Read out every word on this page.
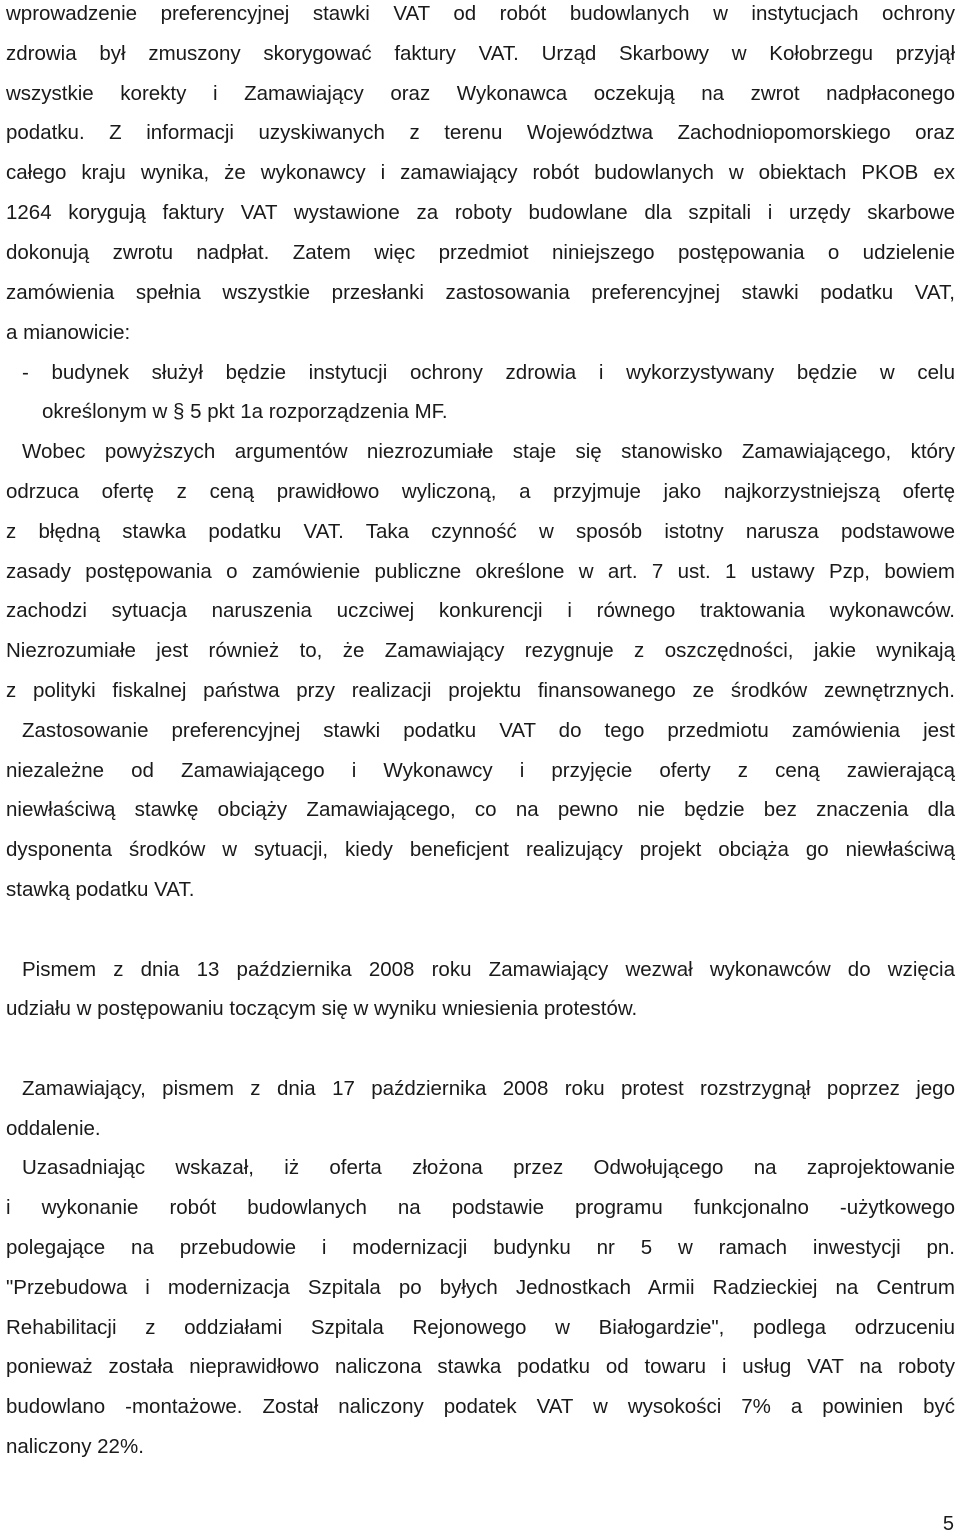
wprowadzenie preferencyjnej stawki VAT od robót budowlanych w instytucjach ochrony
zdrowia był zmuszony skorygować faktury VAT. Urząd Skarbowy w Kołobrzegu przyjął
wszystkie korekty i Zamawiający oraz Wykonawca oczekują na zwrot nadpłaconego
podatku. Z informacji uzyskiwanych z terenu Województwa Zachodniopomorskiego oraz
całego kraju wynika, że wykonawcy i zamawiający robót budowlanych w obiektach PKOB ex
1264 korygują faktury VAT wystawione za roboty budowlane dla szpitali i urzędy skarbowe
dokonują zwrotu nadpłat. Zatem więc przedmiot niniejszego postępowania o udzielenie
zamówienia spełnia wszystkie przesłanki zastosowania preferencyjnej stawki podatku VAT,
a mianowicie:
- budynek służył będzie instytucji ochrony zdrowia i wykorzystywany będzie w celu
określonym w § 5 pkt 1a rozporządzenia MF.
Wobec powyższych argumentów niezrozumiałe staje się stanowisko Zamawiającego, który
odrzuca ofertę z ceną prawidłowo wyliczoną, a przyjmuje jako najkorzystniejszą ofertę
z błędną stawka podatku VAT. Taka czynność w sposób istotny narusza podstawowe
zasady postępowania o zamówienie publiczne określone w art. 7 ust. 1 ustawy Pzp, bowiem
zachodzi sytuacja naruszenia uczciwej konkurencji i równego traktowania wykonawców.
Niezrozumiałe jest również to, że Zamawiający rezygnuje z oszczędności, jakie wynikają
z polityki fiskalnej państwa przy realizacji projektu finansowanego ze środków zewnętrznych.
Zastosowanie preferencyjnej stawki podatku VAT do tego przedmiotu zamówienia jest
niezależne od Zamawiającego i Wykonawcy i przyjęcie oferty z ceną zawierającą
niewłaściwą stawkę obciąży Zamawiającego, co na pewno nie będzie bez znaczenia dla
dysponenta środków w sytuacji, kiedy beneficjent realizujący projekt obciąża go niewłaściwą
stawką podatku VAT.
Pismem z dnia 13 października 2008 roku Zamawiający wezwał wykonawców do wzięcia
udziału w postępowaniu toczącym się w wyniku wniesienia protestów.
Zamawiający, pismem z dnia 17 października 2008 roku protest rozstrzygnął poprzez jego
oddalenie.
Uzasadniając wskazał, iż oferta złożona przez Odwołującego na zaprojektowanie
i wykonanie robót budowlanych na podstawie programu funkcjonalno -użytkowego
polegające na przebudowie i modernizacji budynku nr 5 w ramach inwestycji pn.
"Przebudowa i modernizacja Szpitala po byłych Jednostkach Armii Radzieckiej na Centrum
Rehabilitacji z oddziałami Szpitala Rejonowego w Białogardzie", podlega odrzuceniu
ponieważ została nieprawidłowo naliczona stawka podatku od towaru i usług VAT na roboty
budowlano -montażowe. Został naliczony podatek VAT w wysokości 7% a powinien być
naliczony 22%.
5
